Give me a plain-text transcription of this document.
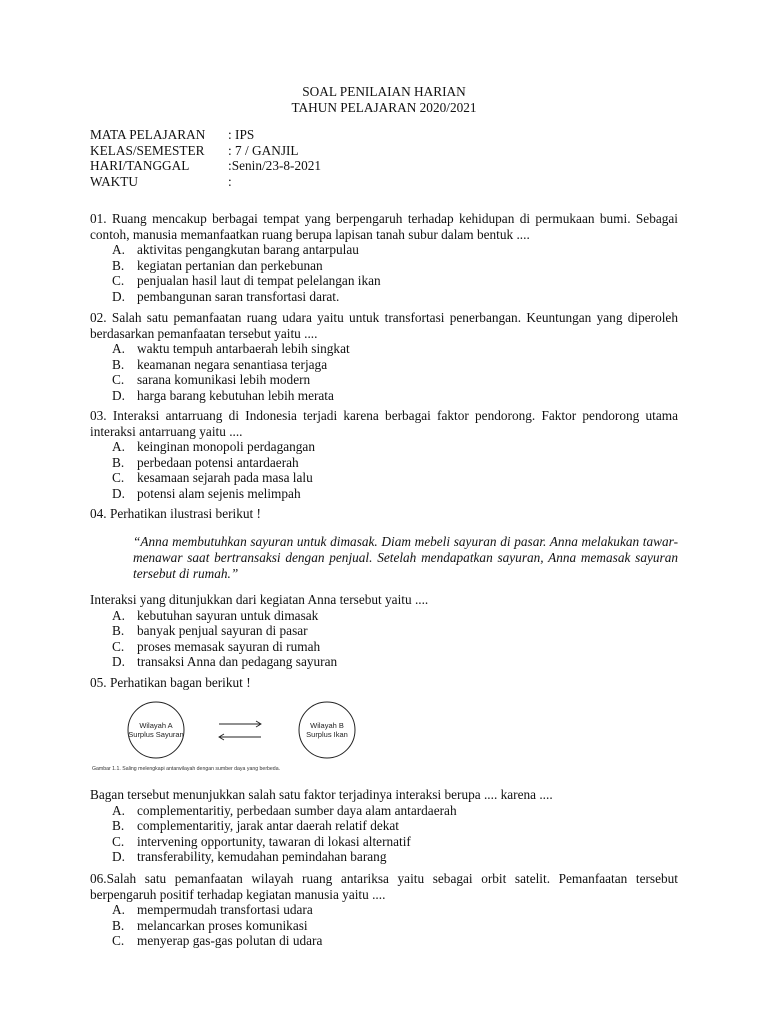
SOAL PENILAIAN HARIAN
TAHUN PELAJARAN 2020/2021
MATA PELAJARAN	: IPS
KELAS/SEMESTER	: 7 / GANJIL
HARI/TANGGAL	:Senin/23-8-2021
WAKTU	:
01. Ruang mencakup berbagai tempat yang berpengaruh terhadap kehidupan di permukaan bumi. Sebagai contoh, manusia memanfaatkan ruang berupa lapisan tanah subur dalam bentuk ....
A. aktivitas pengangkutan barang antarpulau
B. kegiatan pertanian dan perkebunan
C. penjualan hasil laut di tempat pelelangan ikan
D. pembangunan saran transfortasi darat.
02. Salah satu pemanfaatan ruang udara yaitu untuk transfortasi penerbangan. Keuntungan yang diperoleh berdasarkan pemanfaatan tersebut yaitu ....
A. waktu tempuh antarbaerah lebih singkat
B. keamanan negara senantiasa terjaga
C. sarana komunikasi lebih modern
D. harga barang kebutuhan lebih merata
03. Interaksi antarruang di Indonesia terjadi karena berbagai faktor pendorong. Faktor pendorong utama interaksi antarruang yaitu ....
A. keinginan monopoli perdagangan
B. perbedaan potensi antardaerah
C. kesamaan sejarah pada masa lalu
D. potensi alam sejenis melimpah
04. Perhatikan ilustrasi berikut !
“Anna membutuhkan sayuran untuk dimasak. Diam mebeli sayuran di pasar. Anna melakukan tawar-menawar saat bertransaksi dengan penjual. Setelah mendapatkan sayuran, Anna memasak sayuran tersebut di rumah.”
Interaksi yang ditunjukkan dari kegiatan Anna tersebut yaitu ....
A. kebutuhan sayuran untuk dimasak
B. banyak penjual sayuran di pasar
C. proses memasak sayuran di rumah
D. transaksi Anna dan pedagang sayuran
05. Perhatikan bagan berikut !
Wilayah A
Surplus Sayuran
Wilayah B
Surplus Ikan
Gambar 1.1. Saling melengkapi antarwilayah dengan sumber daya yang berbeda.
Bagan tersebut menunjukkan salah satu faktor terjadinya interaksi berupa .... karena ....
A. complementaritiy, perbedaan sumber daya alam antardaerah
B. complementaritiy, jarak antar daerah relatif dekat
C. intervening opportunity, tawaran di lokasi alternatif
D. transferability, kemudahan pemindahan barang
06.Salah satu pemanfaatan wilayah ruang antariksa yaitu sebagai orbit satelit. Pemanfaatan tersebut berpengaruh positif terhadap kegiatan manusia yaitu ....
A. mempermudah transfortasi udara
B. melancarkan proses komunikasi
C. menyerap gas-gas polutan di udara
